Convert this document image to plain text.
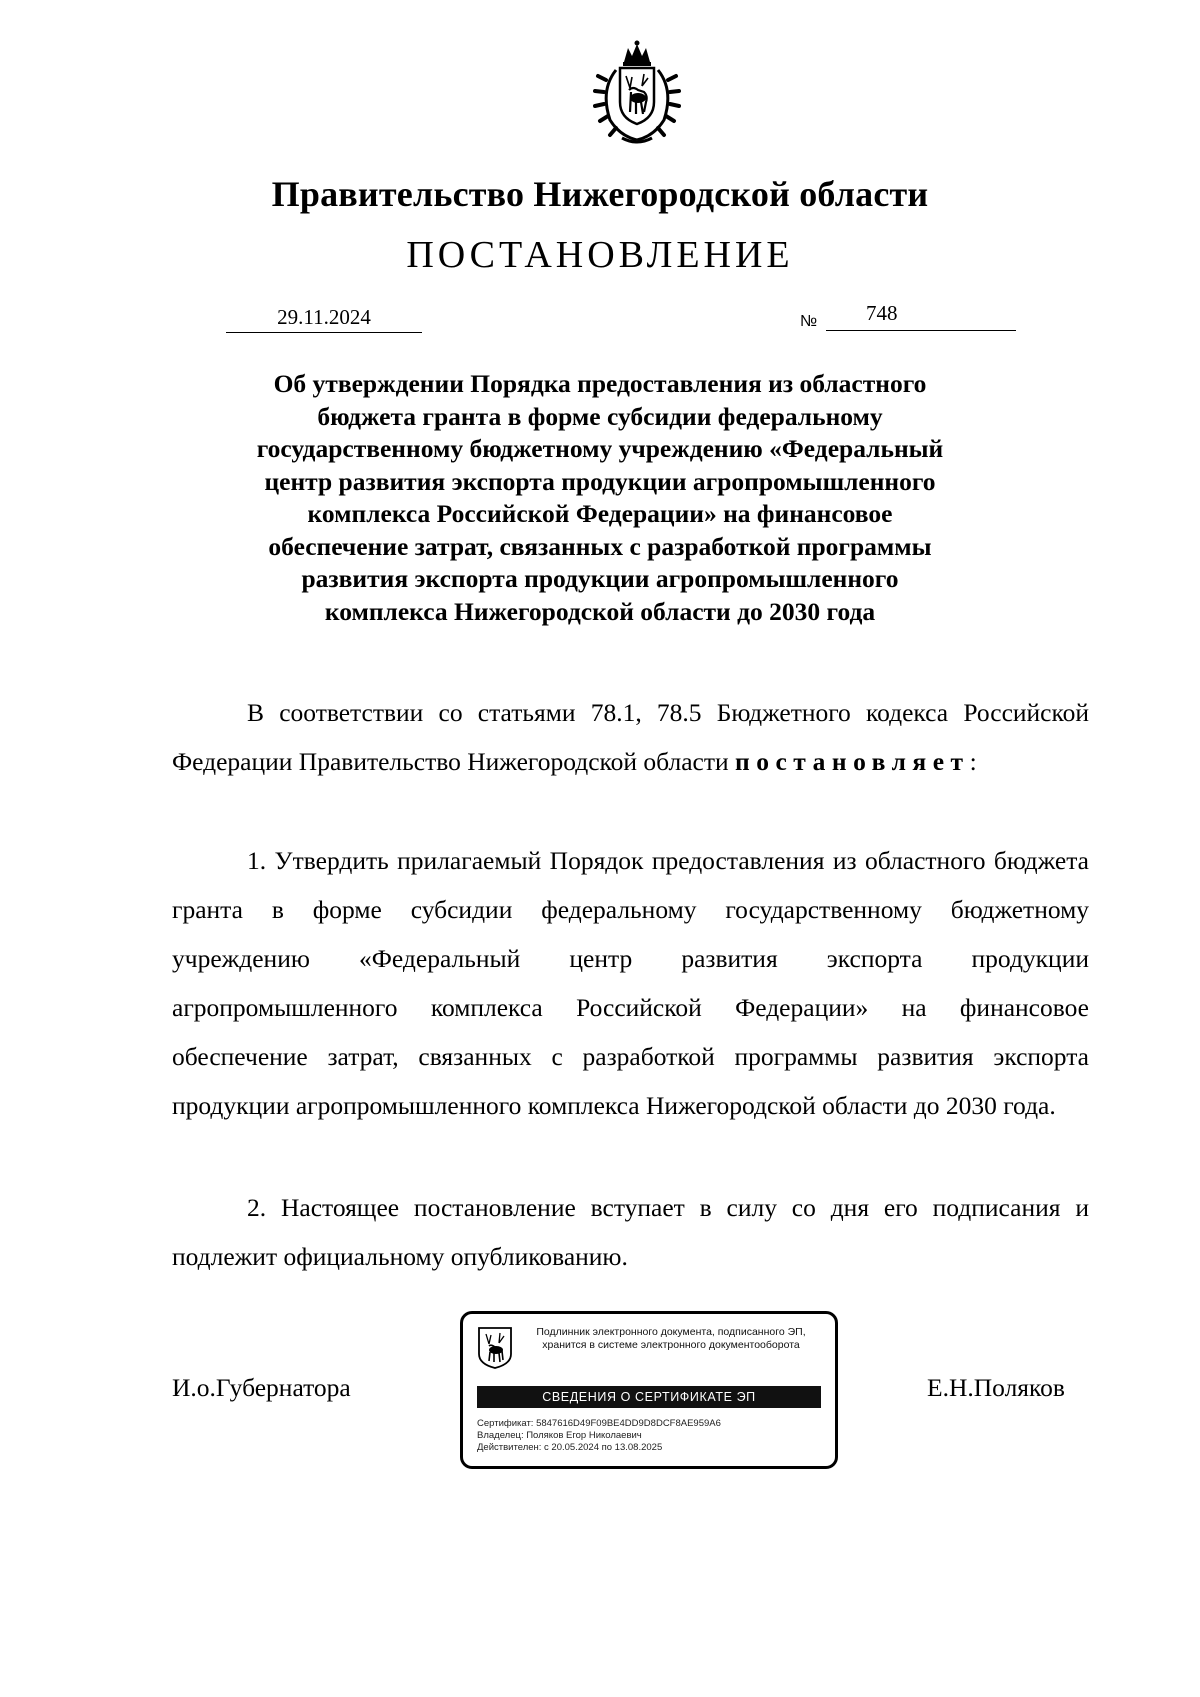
Правительство Нижегородской области
ПОСТАНОВЛЕНИЕ
29.11.2024	№ 748
Об утверждении Порядка предоставления из областного
бюджета гранта в форме субсидии федеральному
государственному бюджетному учреждению «Федеральный
центр развития экспорта продукции агропромышленного
комплекса Российской Федерации» на финансовое
обеспечение затрат, связанных с разработкой программы
развития экспорта продукции агропромышленного
комплекса Нижегородской области до 2030 года

В соответствии со статьями 78.1, 78.5 Бюджетного кодекса Российской Федерации Правительство Нижегородской области постановляет:

1. Утвердить прилагаемый Порядок предоставления из областного бюджета гранта в форме субсидии федеральному государственному бюджетному учреждению «Федеральный центр развития экспорта продукции агропромышленного комплекса Российской Федерации» на финансовое обеспечение затрат, связанных с разработкой программы развития экспорта продукции агропромышленного комплекса Нижегородской области до 2030 года.

2. Настоящее постановление вступает в силу со дня его подписания и подлежит официальному опубликованию.

И.о.Губернатора	Е.Н.Поляков
Подлинник электронного документа, подписанного ЭП,
хранится в системе электронного документооборота
СВЕДЕНИЯ О СЕРТИФИКАТЕ ЭП
Сертификат: 5847616D49F09BE4DD9D8DCF8AE959A6
Владелец: Поляков Егор Николаевич
Действителен: с 20.05.2024 по 13.08.2025
